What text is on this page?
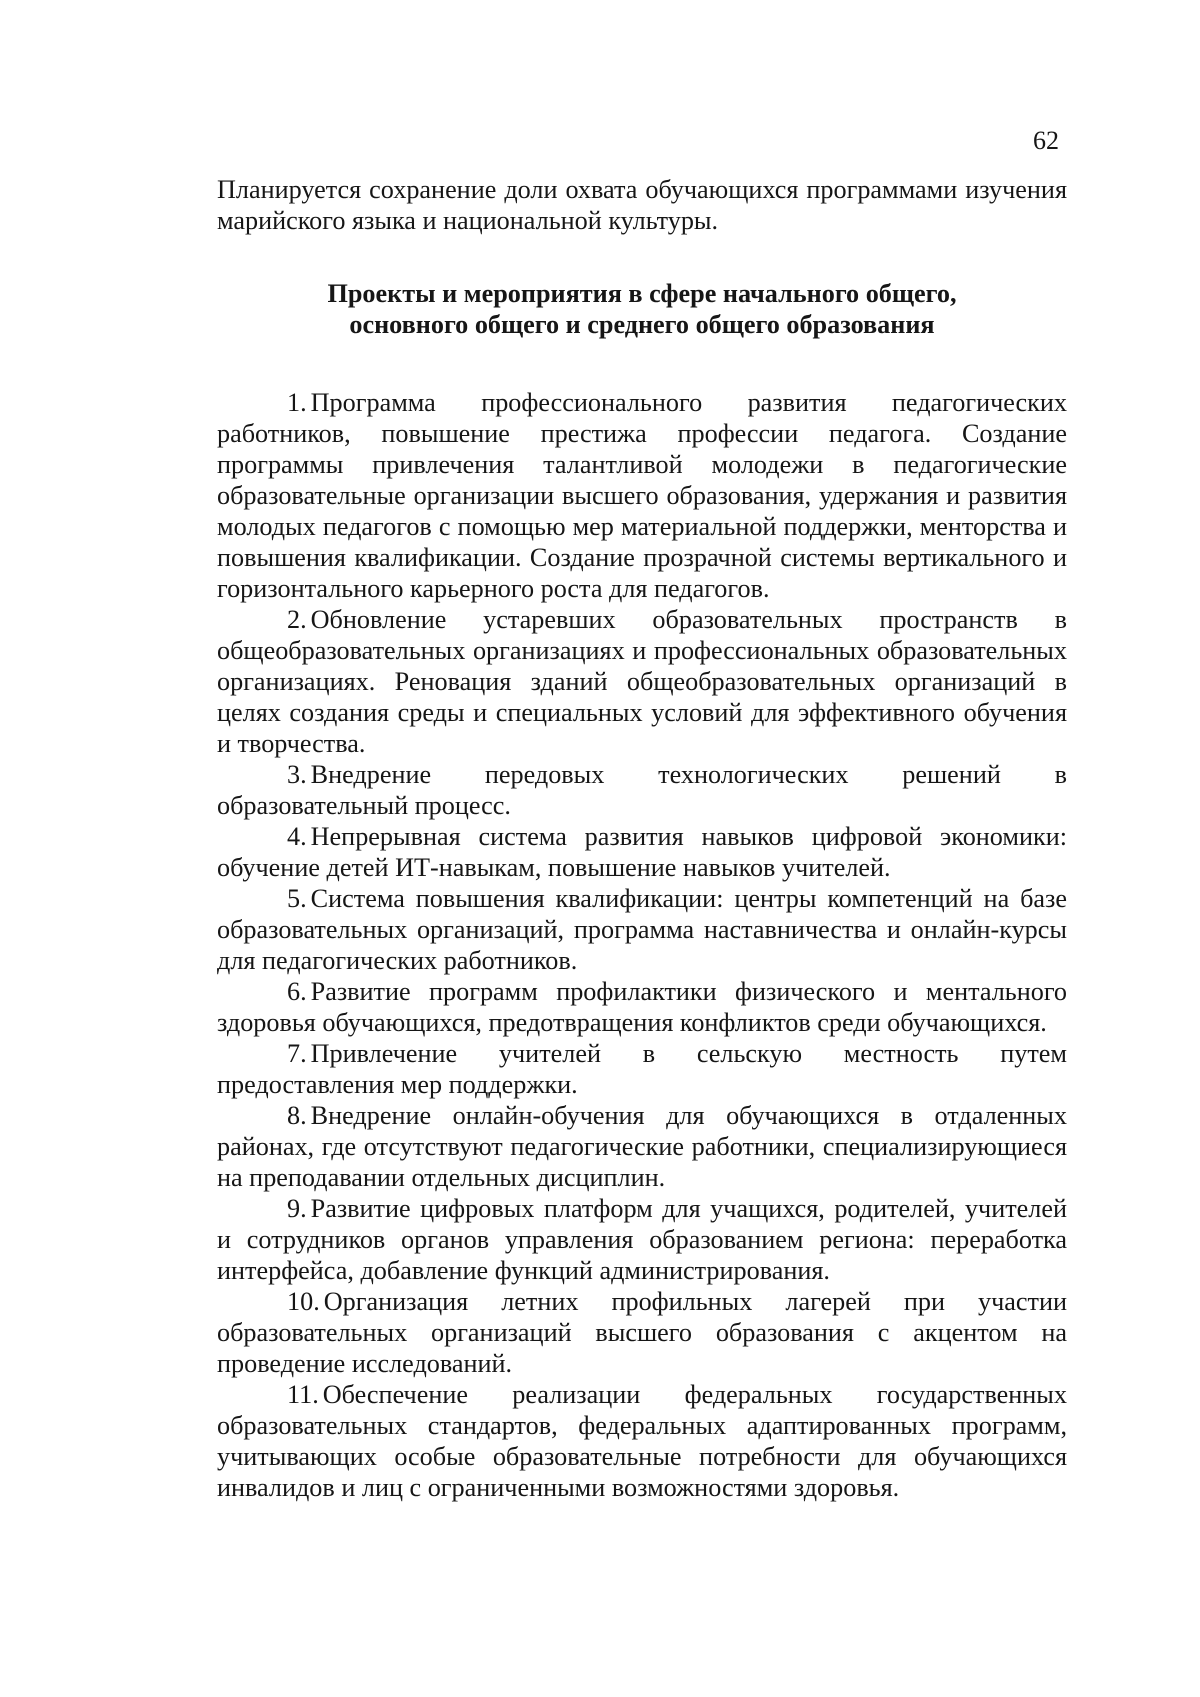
62

Планируется сохранение доли охвата обучающихся программами изучения марийского языка и национальной культуры.

Проекты и мероприятия в сфере начального общего,
основного общего и среднего общего образования

1. Программа профессионального развития педагогических работников, повышение престижа профессии педагога. Создание программы привлечения талантливой молодежи в педагогические образовательные организации высшего образования, удержания и развития молодых педагогов с помощью мер материальной поддержки, менторства и повышения квалификации. Создание прозрачной системы вертикального и горизонтального карьерного роста для педагогов.

2. Обновление устаревших образовательных пространств в общеобразовательных организациях и профессиональных образовательных организациях. Реновация зданий общеобразовательных организаций в целях создания среды и специальных условий для эффективного обучения и творчества.

3. Внедрение передовых технологических решений в образовательный процесс.

4. Непрерывная система развития навыков цифровой экономики: обучение детей ИТ-навыкам, повышение навыков учителей.

5. Система повышения квалификации: центры компетенций на базе образовательных организаций, программа наставничества и онлайн-курсы для педагогических работников.

6. Развитие программ профилактики физического и ментального здоровья обучающихся, предотвращения конфликтов среди обучающихся.

7. Привлечение учителей в сельскую местность путем предоставления мер поддержки.

8. Внедрение онлайн-обучения для обучающихся в отдаленных районах, где отсутствуют педагогические работники, специализирующиеся на преподавании отдельных дисциплин.

9. Развитие цифровых платформ для учащихся, родителей, учителей и сотрудников органов управления образованием региона: переработка интерфейса, добавление функций администрирования.

10. Организация летних профильных лагерей при участии образовательных организаций высшего образования с акцентом на проведение исследований.

11. Обеспечение реализации федеральных государственных образовательных стандартов, федеральных адаптированных программ, учитывающих особые образовательные потребности для обучающихся инвалидов и лиц с ограниченными возможностями здоровья.
